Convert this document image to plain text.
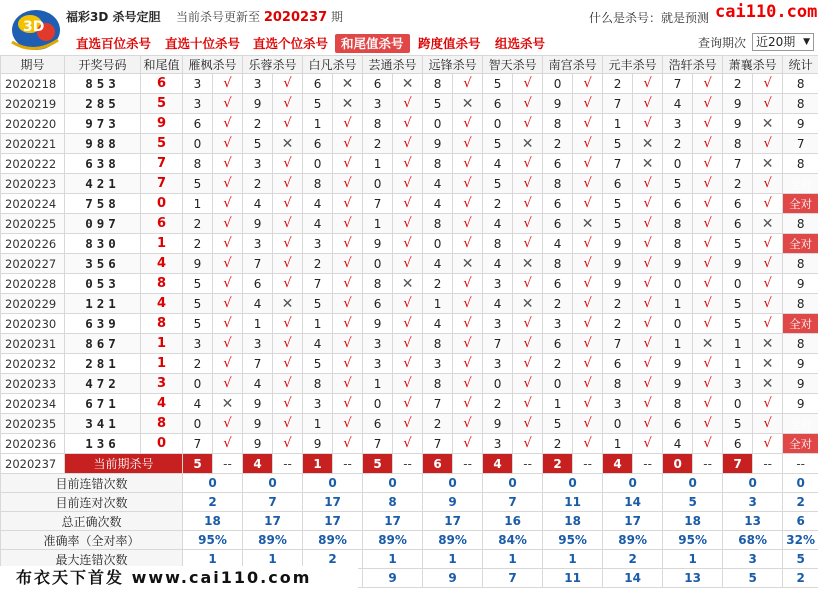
3D
福彩3D 杀号定胆 当前杀号更新至 2020237 期	什么是杀号：就是预测 cai110.com
直选百位杀号 直选十位杀号 直选个位杀号	和尾值杀号	跨度值杀号 组选杀号	查询期次 近20期 ▼
期号	开奖号码	和尾值	雁枫杀号		乐蓉杀号		白凡杀号		芸通杀号		远锋杀号		智天杀号		南宫杀号		元丰杀号		浩轩杀号		萧襄杀号		统计
2020218	853	6	3	√	3	√	6	✕	6	✕	8	√	5	√	0	√	2	√	7	√	2	√	8
2020219	285	5	3	√	9	√	5	✕	3	√	5	✕	6	√	9	√	7	√	4	√	9	√	8
2020220	973	9	6	√	2	√	1	√	8	√	0	√	0	√	8	√	1	√	3	√	9	✕	9
2020221	988	5	0	√	5	✕	6	√	2	√	9	√	5	✕	2	√	5	✕	2	√	8	√	7
2020222	638	7	8	√	3	√	0	√	1	√	8	√	4	√	6	√	7	✕	0	√	7	✕	8
2020223	421	7	5	√	2	√	8	√	0	√	4	√	5	√	8	√	6	√	5	√	2	√	全对
2020224	758	0	1	√	4	√	4	√	7	√	4	√	2	√	6	√	5	√	6	√	6	√	全对
2020225	097	6	2	√	9	√	4	√	1	√	8	√	4	√	6	✕	5	√	8	√	6	✕	8
2020226	830	1	2	√	3	√	3	√	9	√	0	√	8	√	4	√	9	√	8	√	5	√	全对
2020227	356	4	9	√	7	√	2	√	0	√	4	✕	4	✕	8	√	9	√	9	√	9	√	8
2020228	053	8	5	√	6	√	7	√	8	✕	2	√	3	√	6	√	9	√	0	√	0	√	9
2020229	121	4	5	√	4	✕	5	√	6	√	1	√	4	✕	2	√	2	√	1	√	5	√	8
2020230	639	8	5	√	1	√	1	√	9	√	4	√	3	√	3	√	2	√	0	√	5	√	全对
2020231	867	1	3	√	3	√	4	√	3	√	8	√	7	√	6	√	7	√	1	✕	1	✕	8
2020232	281	1	2	√	7	√	5	√	3	√	3	√	3	√	2	√	6	√	9	√	1	✕	9
2020233	472	3	0	√	4	√	8	√	1	√	8	√	0	√	0	√	8	√	9	√	3	✕	9
2020234	671	4	4	✕	9	√	3	√	0	√	7	√	2	√	1	√	3	√	8	√	0	√	9
2020235	341	8	0	√	9	√	1	√	6	√	2	√	9	√	5	√	0	√	6	√	5	√	全对
2020236	136	0	7	√	9	√	9	√	7	√	7	√	3	√	2	√	1	√	4	√	6	√	全对
2020237	当前期杀号		5	--	4	--	1	--	5	--	6	--	4	--	2	--	4	--	0	--	7	--	--
目前连错次数			0		0		0		0		0		0		0		0		0		0		0
目前连对次数			2		7		17		8		9		7		11		14		5		3		2
总正确次数			18		17		17		17		17		16		18		17		18		13		6
准确率（全对率）			95%		89%		89%		89%		89%		84%		95%		89%		95%		68%		32%
最大连错次数			1		1		2		1		1		1		1		2		1		3		5
									9		9		7		11		14		13		5		2
布衣天下首发 www.cai110.com
